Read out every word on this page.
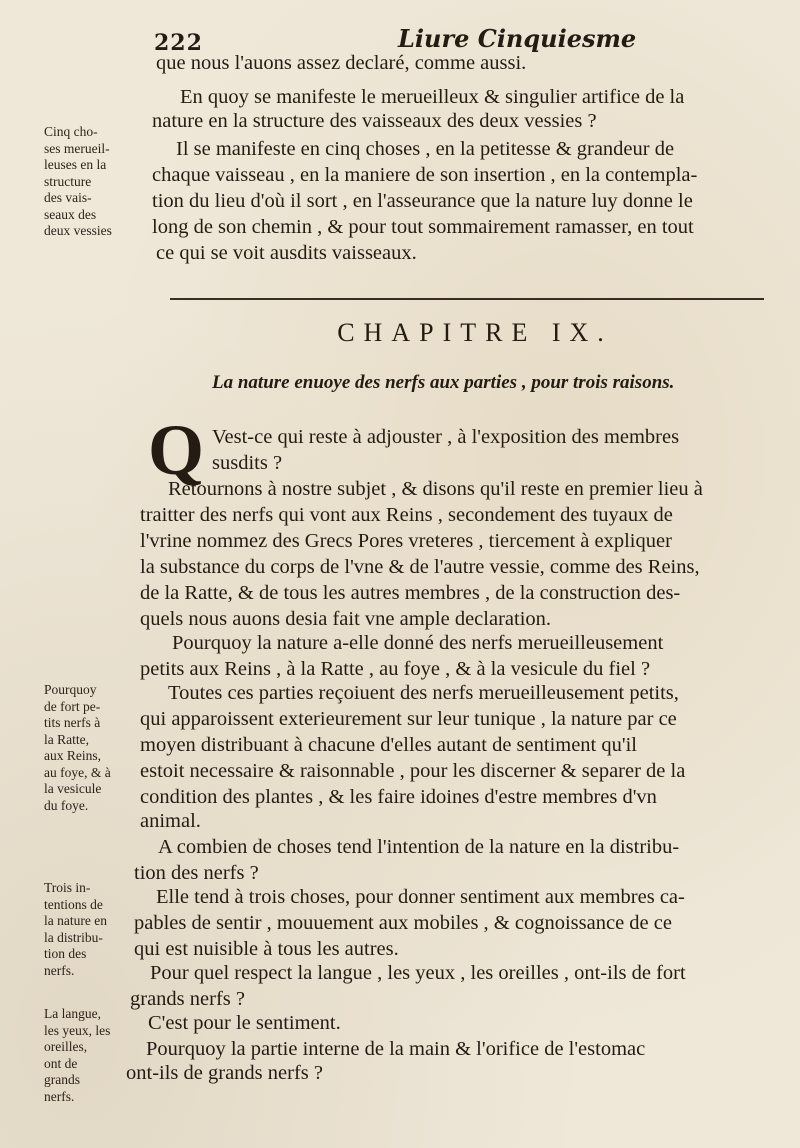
222	Liure Cinquiesme
que nous l'auons assez declaré, comme aussi.
En quoy se manifeste le merueilleux & singulier artifice de la
nature en la structure des vaisseaux des deux vessies ?
Il se manifeste en cinq choses , en la petitesse & grandeur de
chaque vaisseau , en la maniere de son insertion , en la contempla-
tion du lieu d'où il sort , en l'asseurance que la nature luy donne le
long de son chemin , & pour tout sommairement ramasser, en tout
ce qui se voit ausdits vaisseaux.
Cinq cho-
ses merueil-
leuses en la
structure
des vais-
seaux des
deux vessies
CHAPITRE IX.
La nature enuoye des nerfs aux parties , pour trois raisons.
Q Vest-ce qui reste à adjouster , à l'exposition des membres
susdits ?
Retournons à nostre subjet , & disons qu'il reste en premier lieu à
traitter des nerfs qui vont aux Reins , secondement des tuyaux de
l'vrine nommez des Grecs Pores vreteres , tiercement à expliquer
la substance du corps de l'vne & de l'autre vessie, comme des Reins,
de la Ratte, & de tous les autres membres , de la construction des-
quels nous auons desia fait vne ample declaration.
Pourquoy la nature a-elle donné des nerfs merueilleusement
petits aux Reins , à la Ratte , au foye , & à la vesicule du fiel ?
Toutes ces parties reçoiuent des nerfs merueilleusement petits,
qui apparoissent exterieurement sur leur tunique , la nature par ce
moyen distribuant à chacune d'elles autant de sentiment qu'il
estoit necessaire & raisonnable , pour les discerner & separer de la
condition des plantes , & les faire idoines d'estre membres d'vn
animal.
A combien de choses tend l'intention de la nature en la distribu-
tion des nerfs ?
Elle tend à trois choses, pour donner sentiment aux membres ca-
pables de sentir , mouuement aux mobiles , & cognoissance de ce
qui est nuisible à tous les autres.
Pour quel respect la langue , les yeux , les oreilles , ont-ils de fort
grands nerfs ?
C'est pour le sentiment.
Pourquoy la partie interne de la main & l'orifice de l'estomac
ont-ils de grands nerfs ?
Pourquoy
de fort pe-
tits nerfs à
la Ratte,
aux Reins,
au foye, & à
la vesicule
du foye.
Trois in-
tentions de
la nature en
la distribu-
tion des
nerfs.
La langue,
les yeux, les
oreilles,
ont de
grands
nerfs.
